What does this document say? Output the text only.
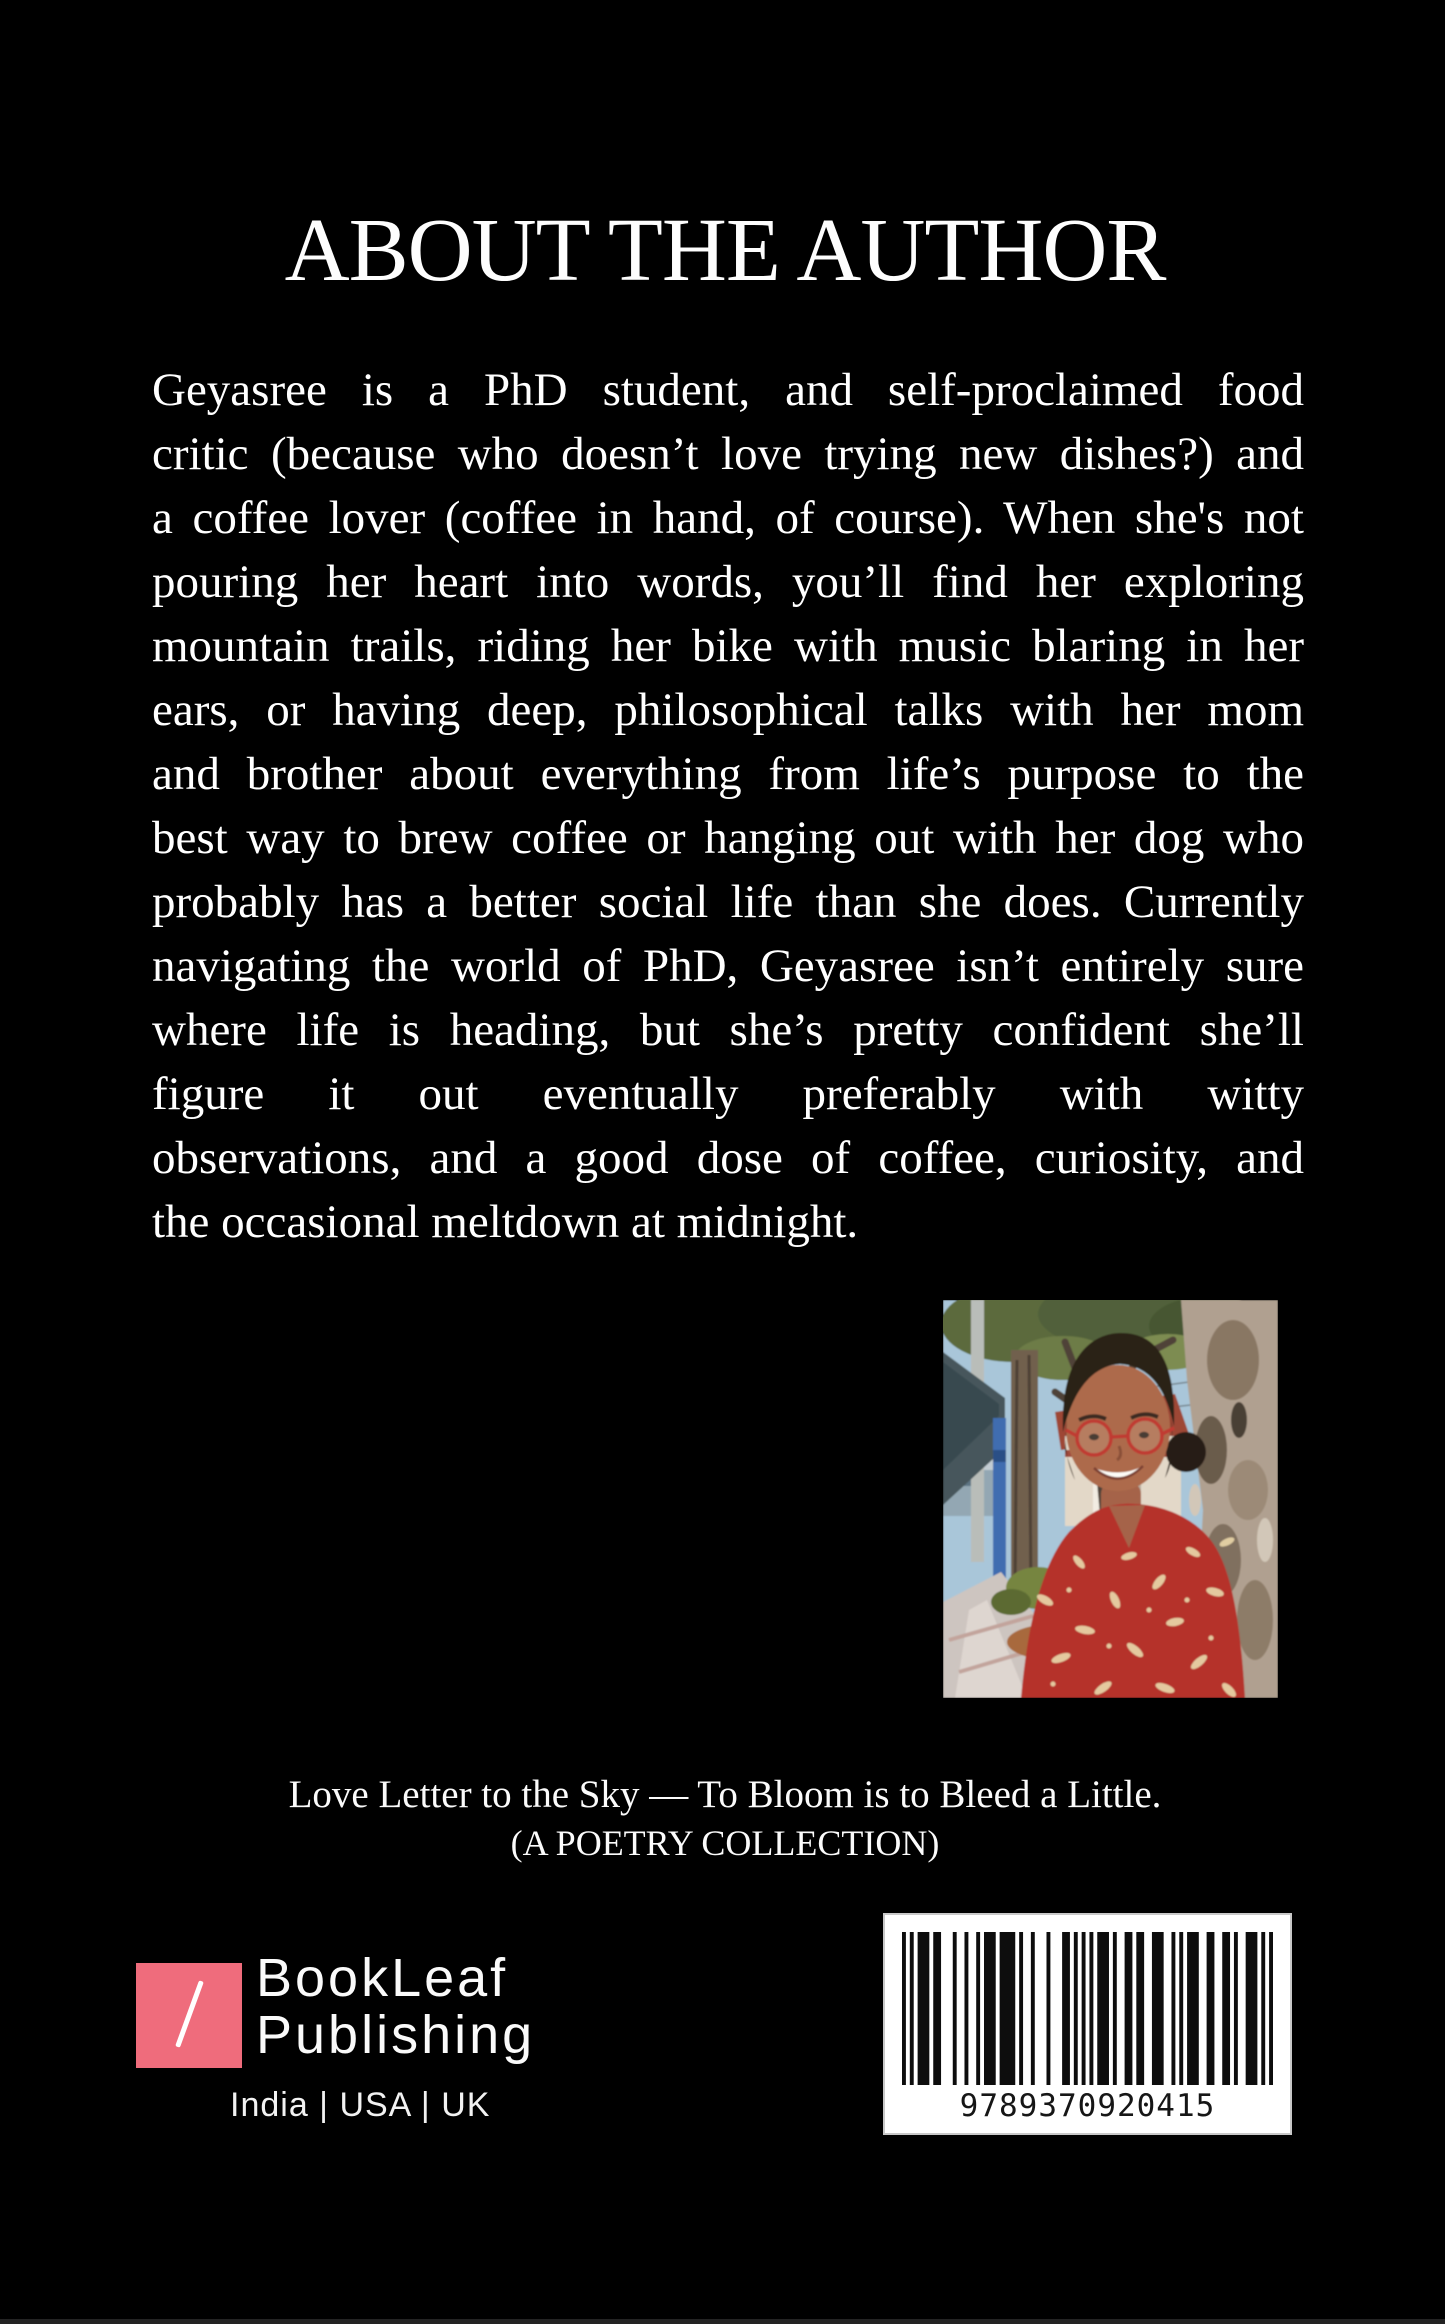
ABOUT THE AUTHOR
Geyasree is a PhD student, and self-proclaimed food
critic (because who doesn’t love trying new dishes?) and
a coffee lover (coffee in hand, of course). When she's not
pouring her heart into words, you’ll find her exploring
mountain trails, riding her bike with music blaring in her
ears, or having deep, philosophical talks with her mom
and brother about everything from life’s purpose to the
best way to brew coffee or hanging out with her dog who
probably has a better social life than she does. Currently
navigating the world of PhD, Geyasree isn’t entirely sure
where life is heading, but she’s pretty confident she’ll
figure it out eventually preferably with witty
observations, and a good dose of coffee, curiosity, and
the occasional meltdown at midnight.
Love Letter to the Sky — To Bloom is to Bleed a Little.
(A POETRY COLLECTION)
BookLeaf
Publishing
India | USA | UK	9789370920415
